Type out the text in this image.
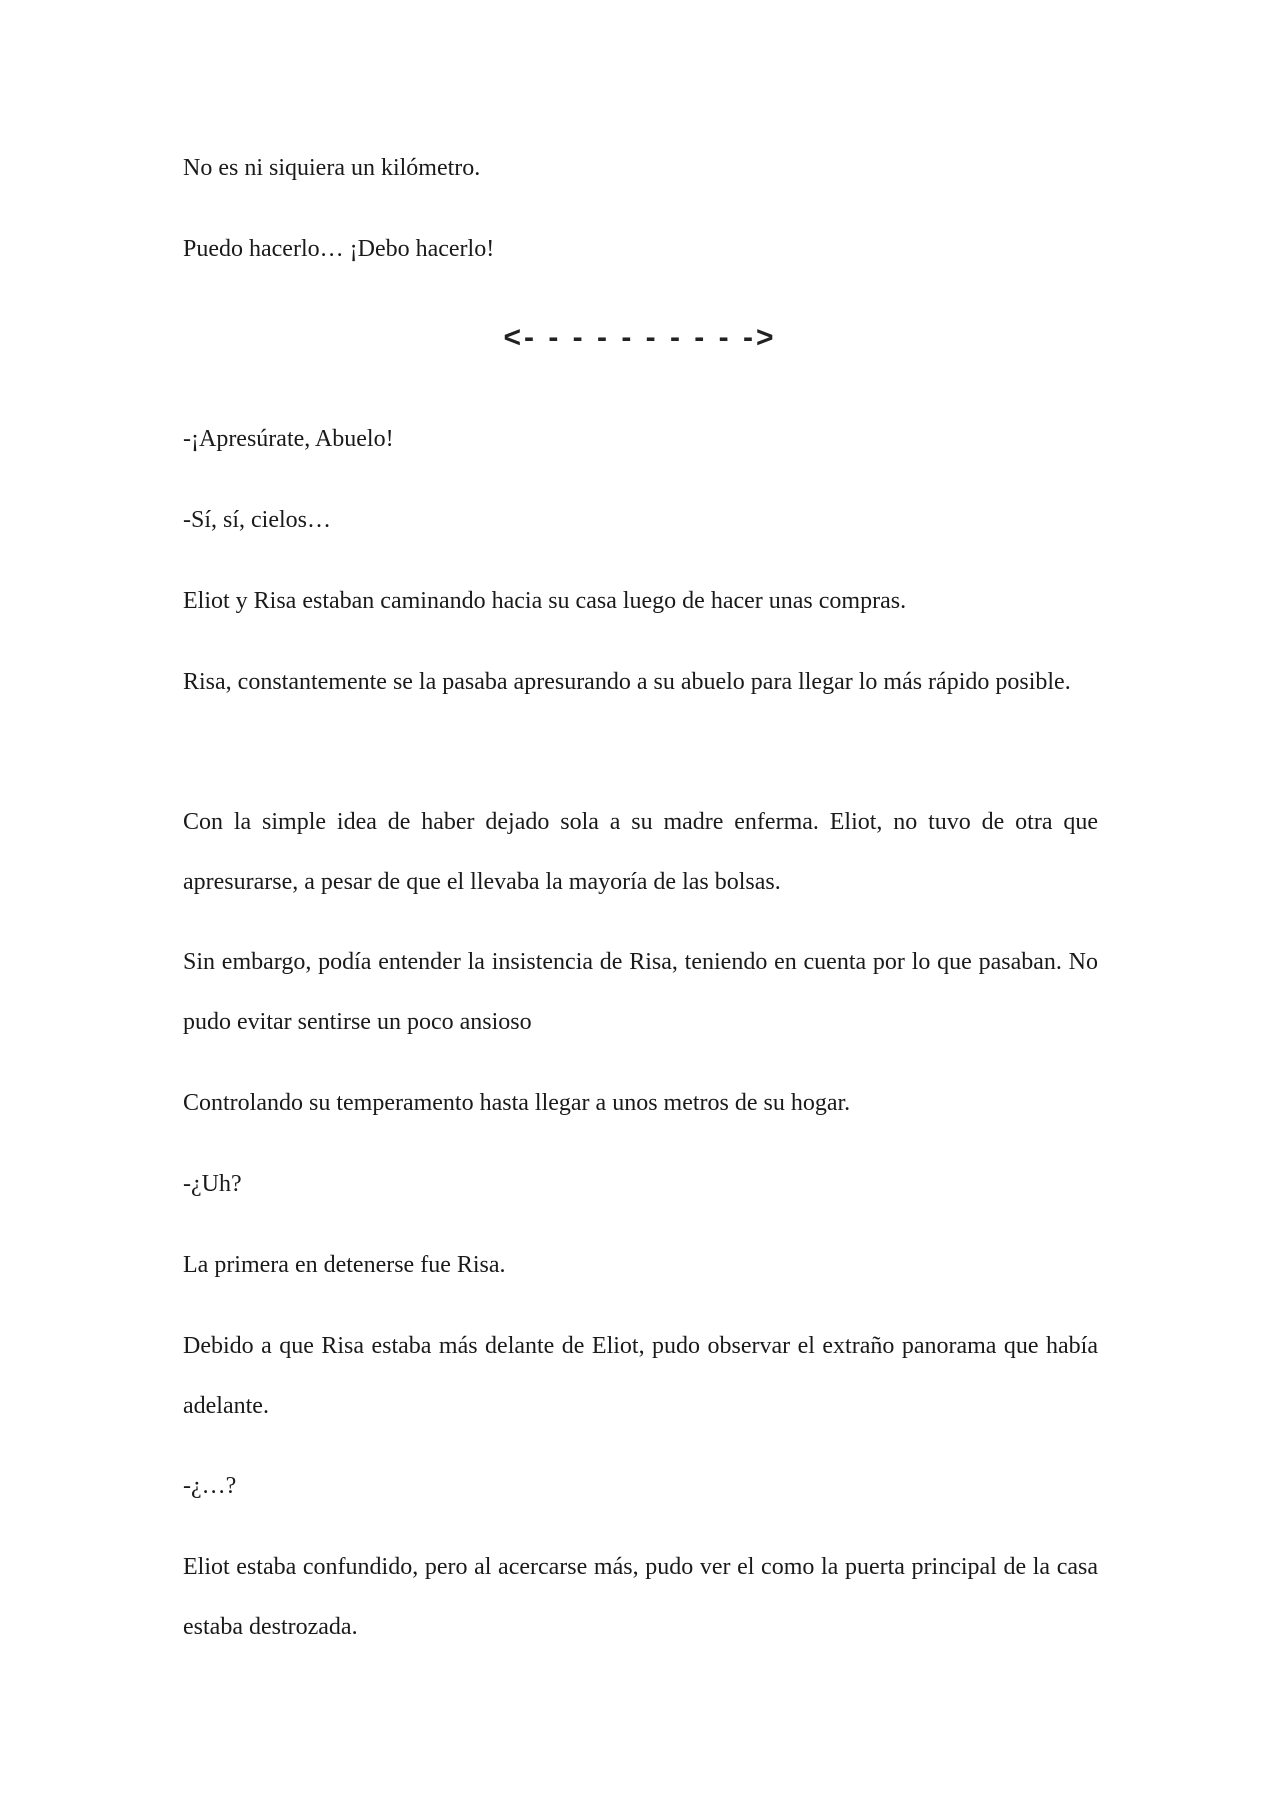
No es ni siquiera un kilómetro.

Puedo hacerlo… ¡Debo hacerlo!

<- - - - - - - - - ->

-¡Apresúrate, Abuelo!

-Sí, sí, cielos…

Eliot y Risa estaban caminando hacia su casa luego de hacer unas compras.

Risa, constantemente se la pasaba apresurando a su abuelo para llegar lo más rápido posible.

Con la simple idea de haber dejado sola a su madre enferma. Eliot, no tuvo de otra que apresurarse, a pesar de que el llevaba la mayoría de las bolsas.

Sin embargo, podía entender la insistencia de Risa, teniendo en cuenta por lo que pasaban. No pudo evitar sentirse un poco ansioso

Controlando su temperamento hasta llegar a unos metros de su hogar.

-¿Uh?

La primera en detenerse fue Risa.

Debido a que Risa estaba más delante de Eliot, pudo observar el extraño panorama que había adelante.

-¿…?

Eliot estaba confundido, pero al acercarse más, pudo ver el como la puerta principal de la casa estaba destrozada.
